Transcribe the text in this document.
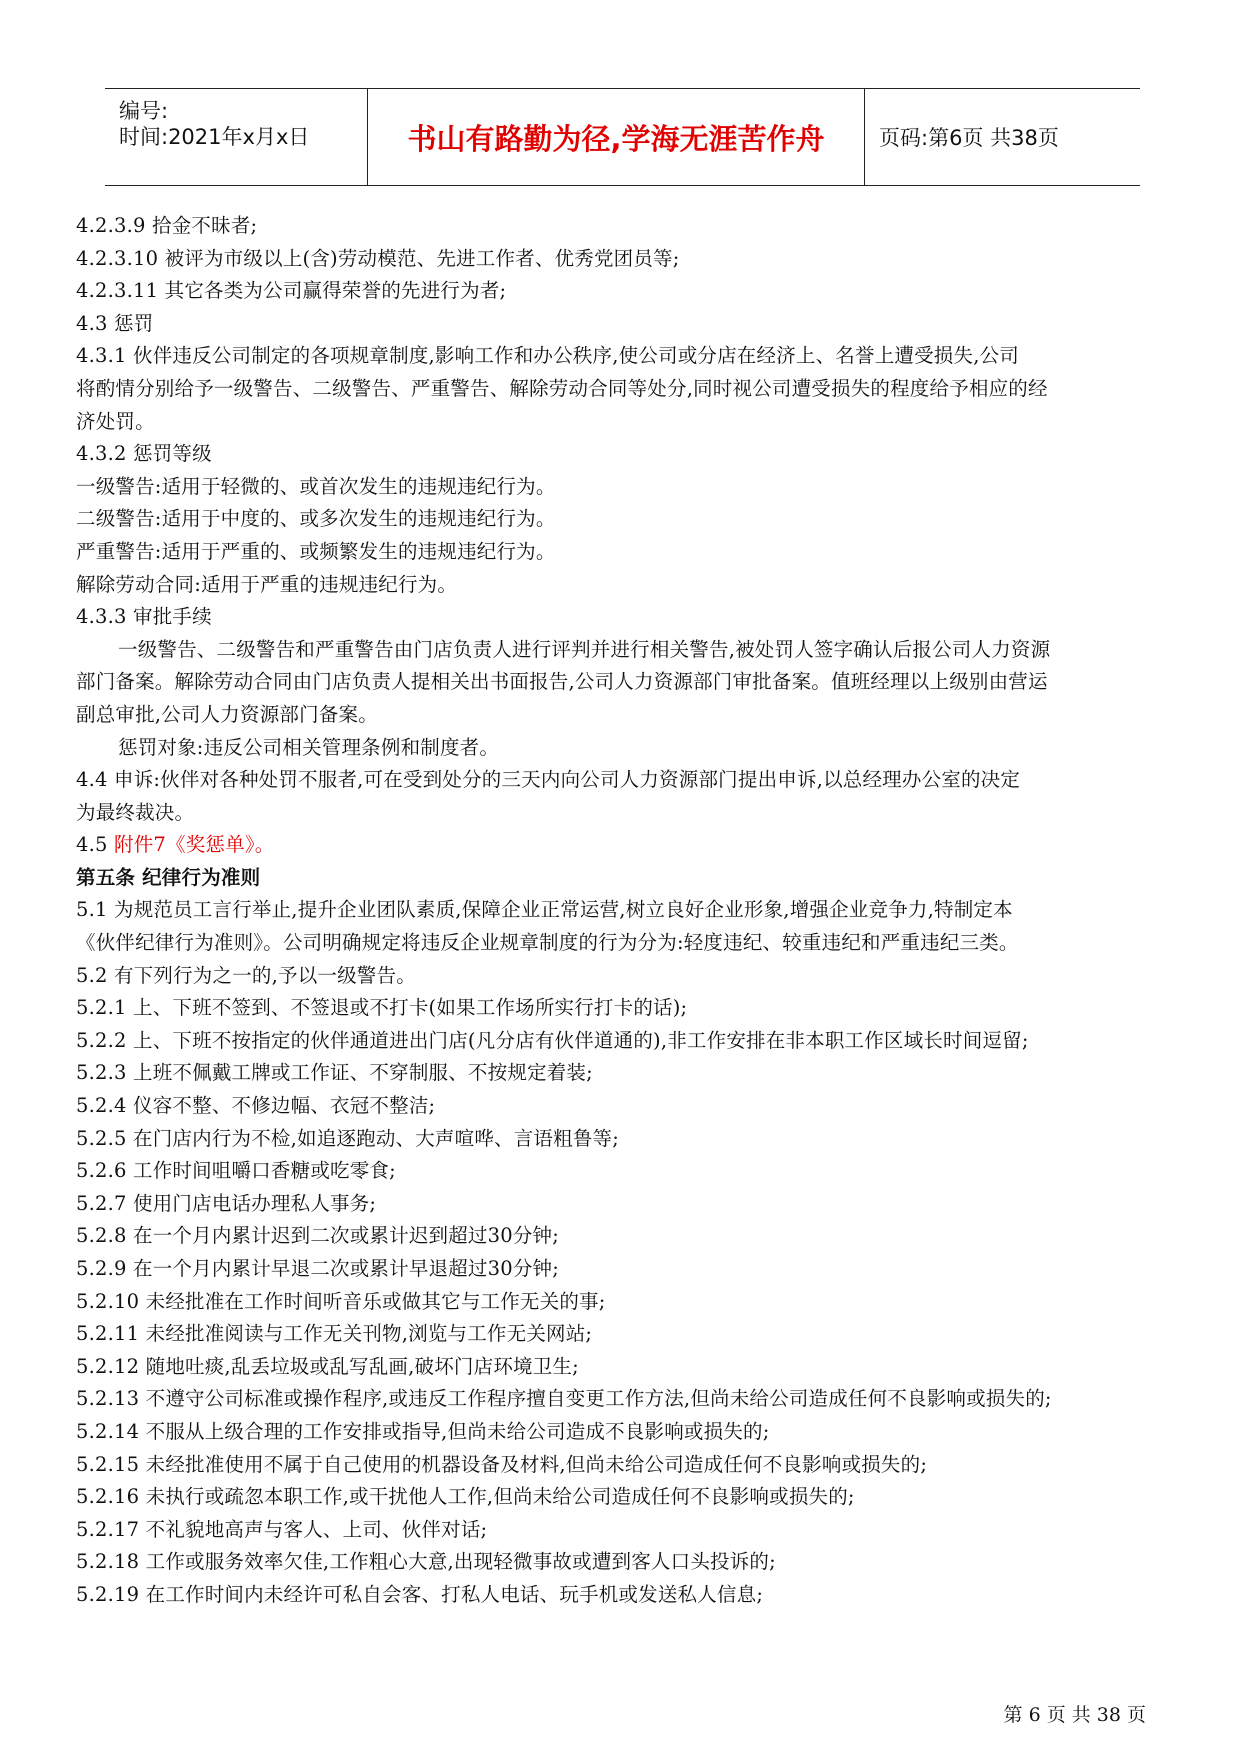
编号:
时间:2021年x月x日	书山有路勤为径,学海无涯苦作舟	页码:第6页 共38页
4.2.3.9 拾金不昧者;
4.2.3.10 被评为市级以上(含)劳动模范、先进工作者、优秀党团员等;
4.2.3.11 其它各类为公司赢得荣誉的先进行为者;
4.3 惩罚
4.3.1 伙伴违反公司制定的各项规章制度,影响工作和办公秩序,使公司或分店在经济上、名誉上遭受损失,公司
将酌情分别给予一级警告、二级警告、严重警告、解除劳动合同等处分,同时视公司遭受损失的程度给予相应的经
济处罚。
4.3.2 惩罚等级
一级警告:适用于轻微的、或首次发生的违规违纪行为。
二级警告:适用于中度的、或多次发生的违规违纪行为。
严重警告:适用于严重的、或频繁发生的违规违纪行为。
解除劳动合同:适用于严重的违规违纪行为。
4.3.3 审批手续
一级警告、二级警告和严重警告由门店负责人进行评判并进行相关警告,被处罚人签字确认后报公司人力资源
部门备案。解除劳动合同由门店负责人提相关出书面报告,公司人力资源部门审批备案。值班经理以上级别由营运
副总审批,公司人力资源部门备案。
惩罚对象:违反公司相关管理条例和制度者。
4.4 申诉:伙伴对各种处罚不服者,可在受到处分的三天内向公司人力资源部门提出申诉,以总经理办公室的决定
为最终裁决。
4.5 附件7《奖惩单》。
第五条 纪律行为准则
5.1 为规范员工言行举止,提升企业团队素质,保障企业正常运营,树立良好企业形象,增强企业竞争力,特制定本
《伙伴纪律行为准则》。公司明确规定将违反企业规章制度的行为分为:轻度违纪、较重违纪和严重违纪三类。
5.2 有下列行为之一的,予以一级警告。
5.2.1 上、下班不签到、不签退或不打卡(如果工作场所实行打卡的话);
5.2.2 上、下班不按指定的伙伴通道进出门店(凡分店有伙伴道通的),非工作安排在非本职工作区域长时间逗留;
5.2.3 上班不佩戴工牌或工作证、不穿制服、不按规定着装;
5.2.4 仪容不整、不修边幅、衣冠不整洁;
5.2.5 在门店内行为不检,如追逐跑动、大声喧哗、言语粗鲁等;
5.2.6 工作时间咀嚼口香糖或吃零食;
5.2.7 使用门店电话办理私人事务;
5.2.8 在一个月内累计迟到二次或累计迟到超过30分钟;
5.2.9 在一个月内累计早退二次或累计早退超过30分钟;
5.2.10 未经批准在工作时间听音乐或做其它与工作无关的事;
5.2.11 未经批准阅读与工作无关刊物,浏览与工作无关网站;
5.2.12 随地吐痰,乱丢垃圾或乱写乱画,破坏门店环境卫生;
5.2.13 不遵守公司标准或操作程序,或违反工作程序擅自变更工作方法,但尚未给公司造成任何不良影响或损失的;
5.2.14 不服从上级合理的工作安排或指导,但尚未给公司造成不良影响或损失的;
5.2.15 未经批准使用不属于自己使用的机器设备及材料,但尚未给公司造成任何不良影响或损失的;
5.2.16 未执行或疏忽本职工作,或干扰他人工作,但尚未给公司造成任何不良影响或损失的;
5.2.17 不礼貌地高声与客人、上司、伙伴对话;
5.2.18 工作或服务效率欠佳,工作粗心大意,出现轻微事故或遭到客人口头投诉的;
5.2.19 在工作时间内未经许可私自会客、打私人电话、玩手机或发送私人信息;
第 6 页 共 38 页
